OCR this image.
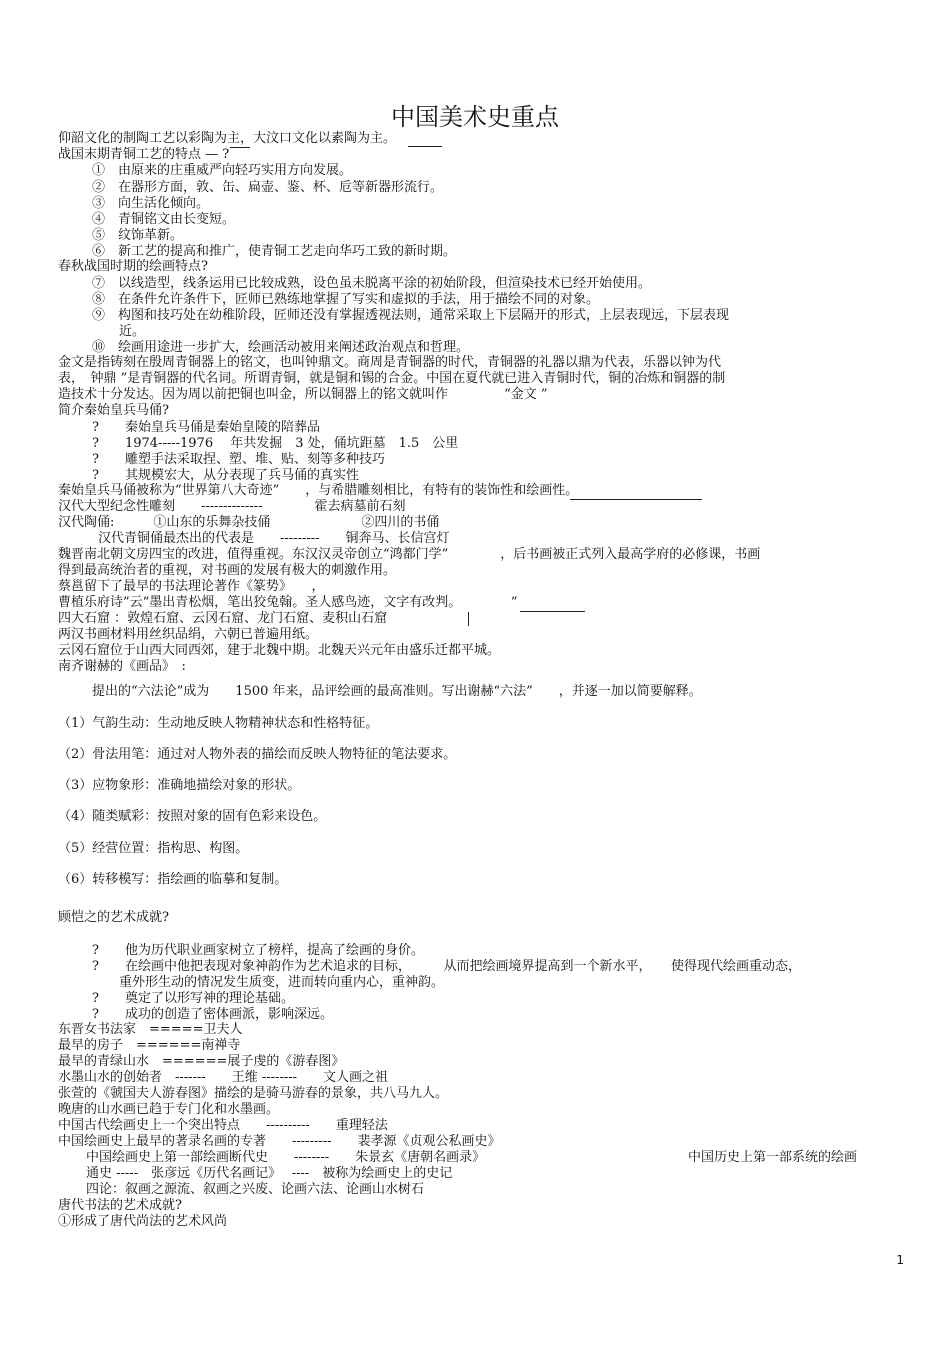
中国美术史重点
仰韶文化的制陶工艺以彩陶为主，大汶口文化以素陶为主。
战国末期青铜工艺的特点 — ?
①　由原来的庄重威严向轻巧实用方向发展。
②　在器形方面，敦、缶、扁壶、鉴、杯、卮等新器形流行。
③　向生活化倾向。
④　青铜铭文由长变短。
⑤　纹饰革新。
⑥　新工艺的提高和推广，使青铜工艺走向华巧工致的新时期。
春秋战国时期的绘画特点?
⑦　以线造型，线条运用已比较成熟，设色虽未脱离平涂的初始阶段，但渲染技术已经开始使用。
⑧　在条件允许条件下，匠师已熟练地掌握了写实和虚拟的手法，用于描绘不同的对象。
⑨　构图和技巧处在幼稚阶段，匠师还没有掌握透视法则，通常采取上下层隔开的形式，上层表现远，下层表现
近。
⑩　绘画用途进一步扩大，绘画活动被用来阐述政治观点和哲理。
金文是指铸刻在殷周青铜器上的铭文，也叫钟鼎文。商周是青铜器的时代，青铜器的礼器以鼎为代表，乐器以钟为代
表，　钟鼎 ”是青铜器的代名词。所谓青铜，就是铜和锡的合金。中国在夏代就已进入青铜时代，铜的冶炼和铜器的制
造技术十分发达。因为周以前把铜也叫金，所以铜器上的铭文就叫作　　　　 “金文 ”
简介秦始皇兵马俑?
?　　秦始皇兵马俑是秦始皇陵的陪葬品
?　　1974-----1976　 年共发掘　3 处，俑坑距墓　1.5　公里
?　　雕塑手法采取捏、塑、堆、贴、刻等多种技巧
?　　其规模宏大，从分表现了兵马俑的真实性
秦始皇兵马俑被称为“世界第八大奇迹”　　，与希腊雕刻相比，有特有的装饰性和绘画性。
汉代大型纪念性雕刻　　--------------　　　　霍去病墓前石刻
汉代陶俑:　　　①山东的乐舞杂技俑　　　　　　　②四川的书俑
汉代青铜俑最杰出的代表是　　---------　　铜奔马、长信宫灯
魏晋南北朝文房四宝的改进，值得重视。东汉汉灵帝创立“鸿都门学”　　　　，后书画被正式列入最高学府的必修课，书画
得到最高统治者的重视，对书画的发展有极大的刺激作用。
蔡邕留下了最早的书法理论著作《篆势》　　，
曹植乐府诗”云“墨出青松烟，笔出狡兔翰。圣人感鸟迹，文字有改判。　　　　 ”
四大石窟 ：敦煌石窟、云冈石窟、龙门石窟、麦积山石窟
两汉书画材料用丝织品绢，六朝已普遍用纸。
云冈石窟位于山西大同西郊，建于北魏中期。北魏天兴元年由盛乐迁都平城。
南齐谢赫的《画品》　:
提出的“六法论”成为　　1500 年来，品评绘画的最高准则。写出谢赫“六法”　　，并逐一加以简要解释。
（1）气韵生动：生动地反映人物精神状态和性格特征。
（2）骨法用笔：通过对人物外表的描绘而反映人物特征的笔法要求。
（3）应物象形：准确地描绘对象的形状。
（4）随类赋彩：按照对象的固有色彩来设色。
（5）经营位置：指构思、构图。
（6）转移模写：指绘画的临摹和复制。
顾恺之的艺术成就?
?　　他为历代职业画家树立了榜样，提高了绘画的身价。
?　　在绘画中他把表现对象神韵作为艺术追求的目标，　　　从而把绘画境界提高到一个新水平，　　使得现代绘画重动态，
重外形生动的情况发生质变，进而转向重内心，重神韵。
?　　奠定了以形写神的理论基础。
?　　成功的创造了密体画派，影响深远。
东晋女书法家　=====卫夫人
最早的房子　======南禅寺
最早的青绿山水　======展子虔的《游春图》
水墨山水的创始者　-------　　王维 --------　　文人画之祖
张萱的《虢国夫人游春图》描绘的是骑马游春的景象，共八马九人。
晚唐的山水画已趋于专门化和水墨画。
中国古代绘画史上一个突出特点　　----------　　重理轻法
中国绘画史上最早的著录名画的专著　　---------　　裴孝源《贞观公私画史》
中国绘画史上第一部绘画断代史　　--------　　朱景玄《唐朝名画录》	中国历史上第一部系统的绘画
通史 -----　张彦远《历代名画记》　 ----　被称为绘画史上的史记
四论：叙画之源流、叙画之兴废、论画六法、论画山水树石
唐代书法的艺术成就?
①形成了唐代尚法的艺术风尚
1
